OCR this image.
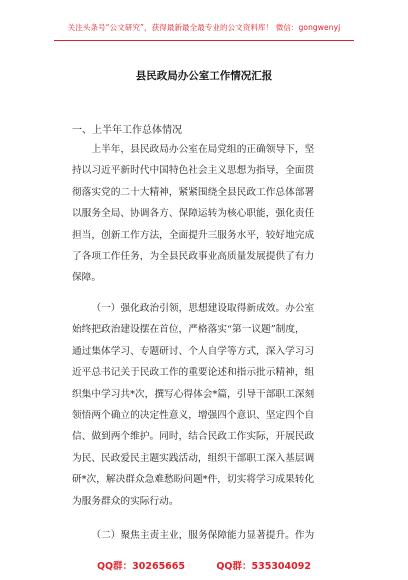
关注头条号“公文研究”，获得最新最全最专业的公文资料库！ 微信：gongwenyj
县民政局办公室工作情况汇报
一、上半年工作总体情况
上半年，县民政局办公室在局党组的正确领导下，坚
持以习近平新时代中国特色社会主义思想为指导，全面贯
彻落实党的二十大精神，紧紧围绕全县民政工作总体部署
以服务全局、协调各方、保障运转为核心职能，强化责任
担当，创新工作方法，全面提升三服务水平，较好地完成
了各项工作任务，为全县民政事业高质量发展提供了有力
保障。
（一）强化政治引领，思想建设取得新成效。办公室
始终把政治建设摆在首位，严格落实“第一议题”制度，
通过集体学习、专题研讨、个人自学等方式，深入学习习
近平总书记关于民政工作的重要论述和指示批示精神，组
织集中学习共*次，撰写心得体会*篇，引导干部职工深刻
领悟两个确立的决定性意义，增强四个意识、坚定四个自
信、做到两个维护。同时，结合民政工作实际，开展民政
为民、民政爱民主题实践活动，组织干部职工深入基层调
研*次，解决群众急难愁盼问题*件，切实将学习成果转化
为服务群众的实际行动。
（二）聚焦主责主业，服务保障能力显著提升。作为
QQ群：30265665	QQ群：535304092
